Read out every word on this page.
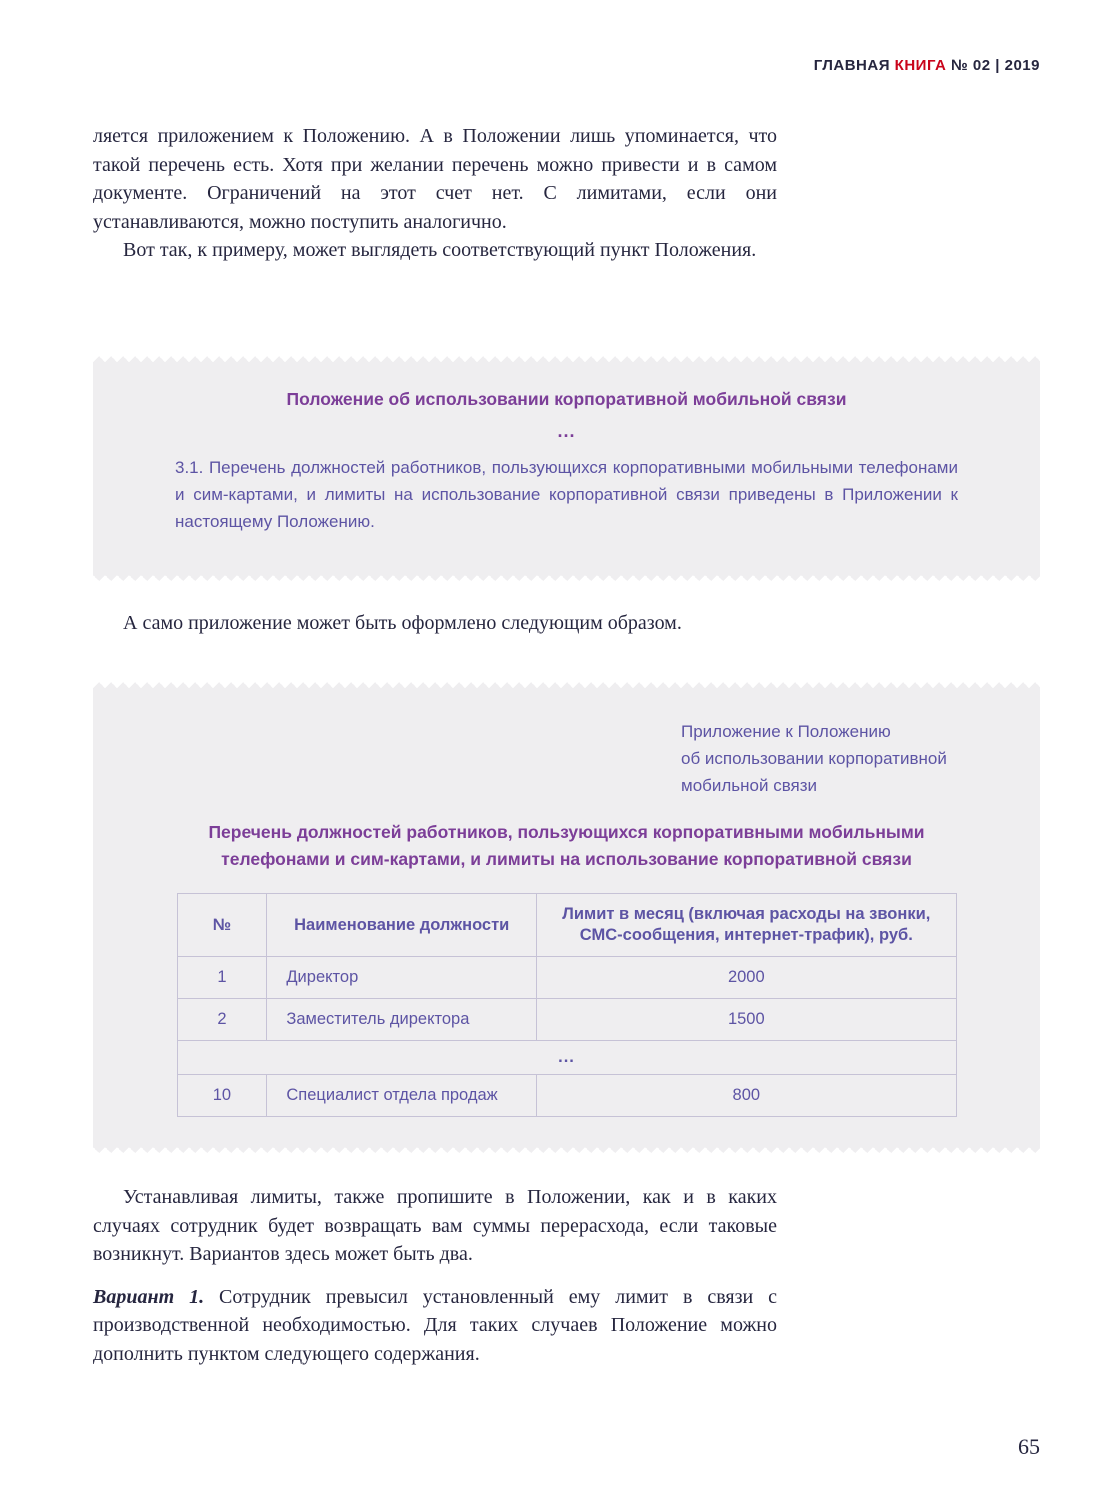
ГЛАВНАЯ КНИГА № 02 | 2019

ляется приложением к Положению. А в Положении лишь упоминается, что такой перечень есть. Хотя при желании перечень можно привести и в самом документе. Ограничений на этот счет нет. С лимитами, если они устанавливаются, можно поступить аналогично.

Вот так, к примеру, может выглядеть соответствующий пункт Положения.

Положение об использовании корпоративной мобильной связи
...
3.1. Перечень должностей работников, пользующихся корпоративными мобильными телефонами и сим-картами, и лимиты на использование корпоративной связи приведены в Приложении к настоящему Положению.

А само приложение может быть оформлено следующим образом.

Приложение к Положению
об использовании корпоративной
мобильной связи
Перечень должностей работников, пользующихся корпоративными мобильными телефонами и сим-картами, и лимиты на использование корпоративной связи
№	Наименование должности	Лимит в месяц (включая расходы на звонки, СМС-сообщения, интернет-трафик), руб.
1	Директор	2000
2	Заместитель директора	1500
...		
10	Специалист отдела продаж	800

Устанавливая лимиты, также пропишите в Положении, как и в каких случаях сотрудник будет возвращать вам суммы перерасхода, если таковые возникнут. Вариантов здесь может быть два.

Вариант 1. Сотрудник превысил установленный ему лимит в связи с производственной необходимостью. Для таких случаев Положение можно дополнить пунктом следующего содержания.

65
